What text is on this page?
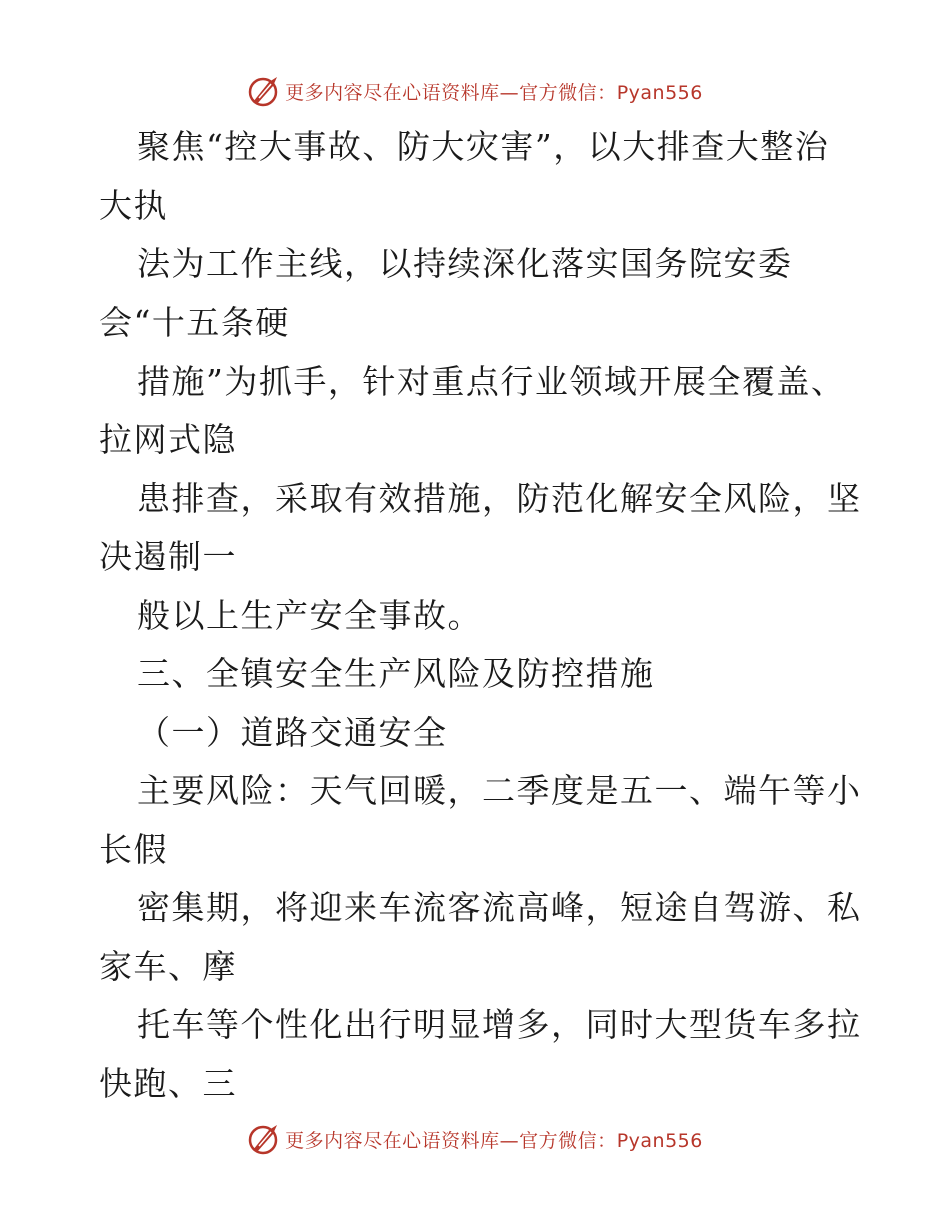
更多内容尽在心语资料库—官方微信：Pyan556
聚焦“控大事故、防大灾害”，以大排查大整治
大执
法为工作主线，以持续深化落实国务院安委
会“十五条硬
措施”为抓手，针对重点行业领域开展全覆盖、
拉网式隐
患排查，采取有效措施，防范化解安全风险，坚
决遏制一
般以上生产安全事故。
三、全镇安全生产风险及防控措施
（一）道路交通安全
主要风险：天气回暖，二季度是五一、端午等小
长假
密集期，将迎来车流客流高峰，短途自驾游、私
家车、摩
托车等个性化出行明显增多，同时大型货车多拉
快跑、三
更多内容尽在心语资料库—官方微信：Pyan556
